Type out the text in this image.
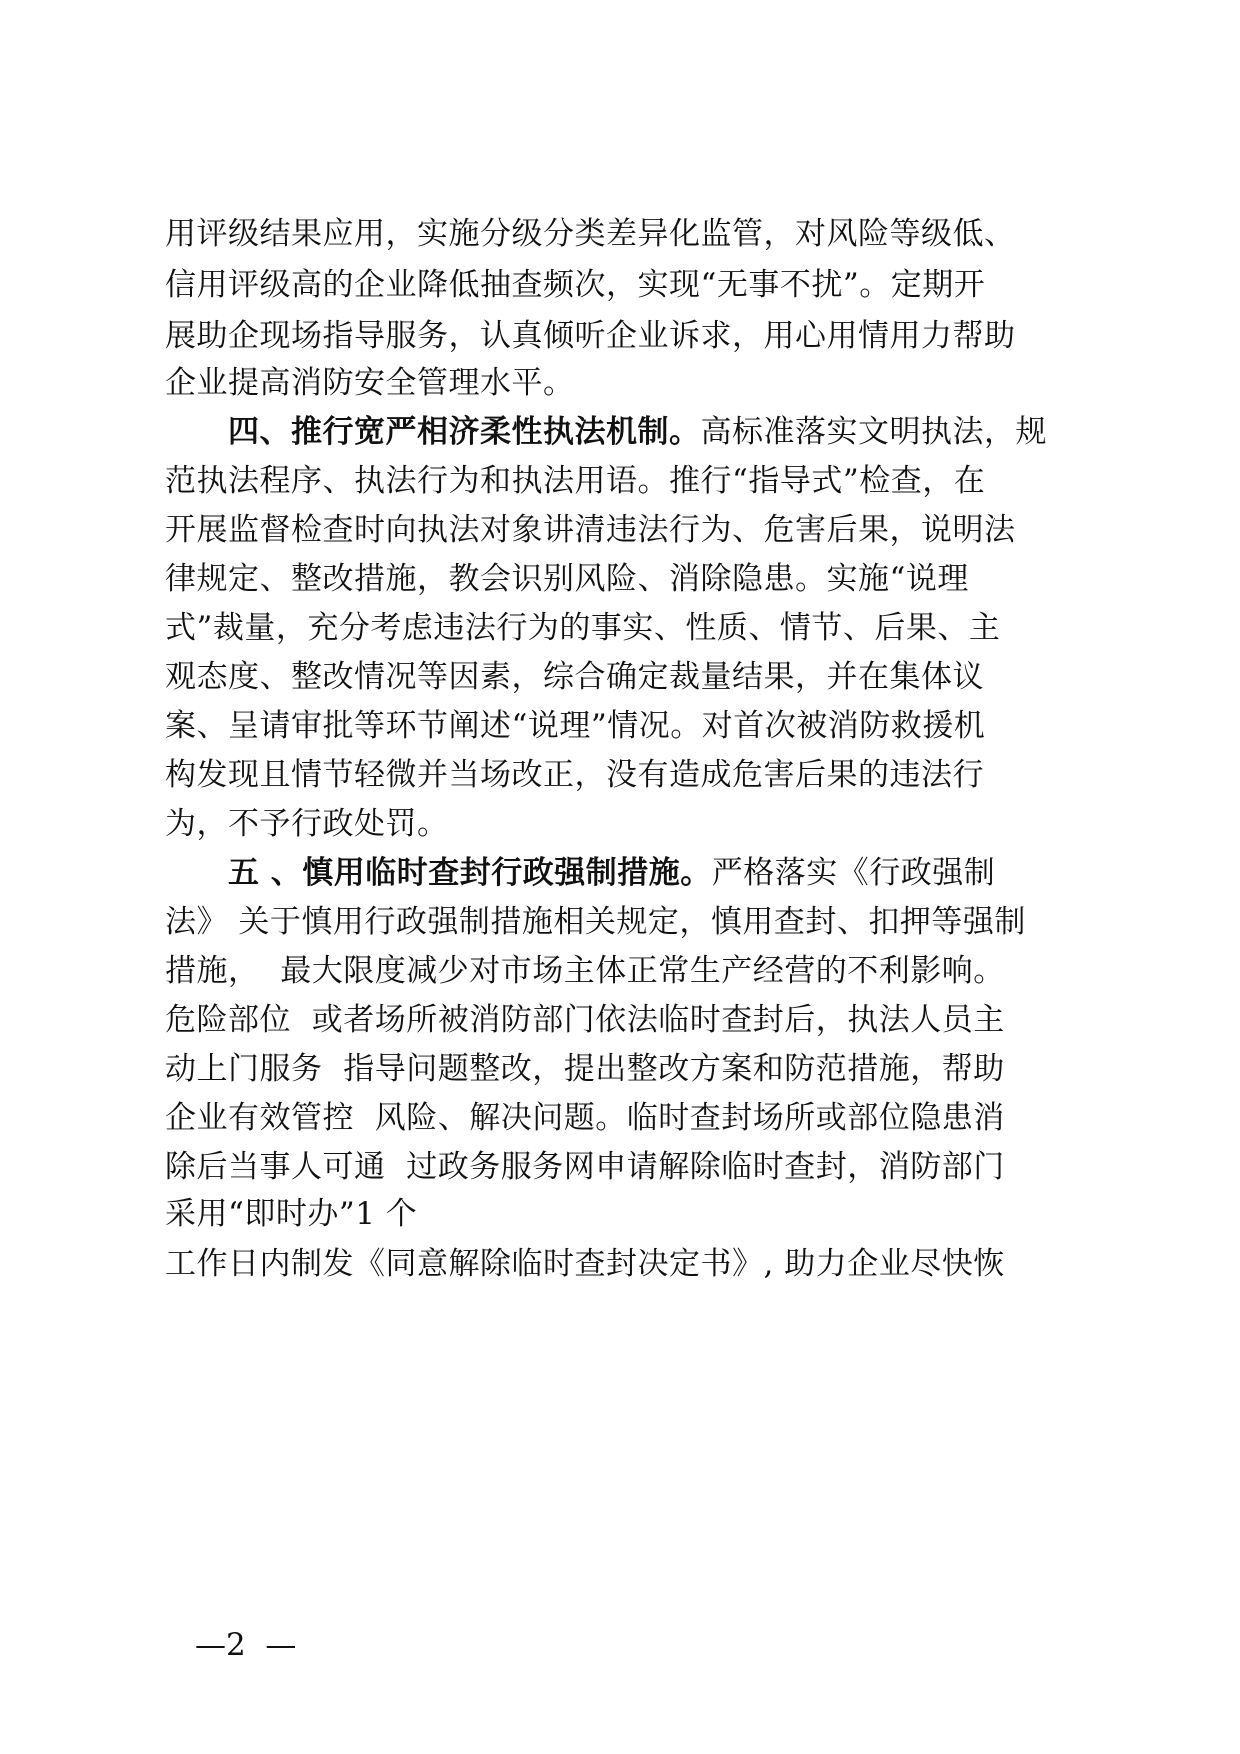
用评级结果应用，实施分级分类差异化监管，对风险等级低、
信用评级高的企业降低抽查频次，实现“无事不扰”。定期开
展助企现场指导服务，认真倾听企业诉求，用心用情用力帮助
企业提高消防安全管理水平。
四、推行宽严相济柔性执法机制。高标准落实文明执法，规
范执法程序、执法行为和执法用语。推行“指导式”检查，在
开展监督检查时向执法对象讲清违法行为、危害后果，说明法
律规定、整改措施，教会识别风险、消除隐患。实施“说理
式”裁量，充分考虑违法行为的事实、性质、情节、后果、主
观态度、整改情况等因素，综合确定裁量结果，并在集体议
案、呈请审批等环节阐述“说理”情况。对首次被消防救援机
构发现且情节轻微并当场改正，没有造成危害后果的违法行
为，不予行政处罚。
五 、慎用临时查封行政强制措施。严格落实《行政强制
法》 关于慎用行政强制措施相关规定，慎用查封、扣押等强制
措施，  最大限度减少对市场主体正常生产经营的不利影响。
危险部位  或者场所被消防部门依法临时查封后，执法人员主
动上门服务  指导问题整改，提出整改方案和防范措施，帮助
企业有效管控  风险、解决问题。临时查封场所或部位隐患消
除后当事人可通  过政务服务网申请解除临时查封，消防部门
采用“即时办”1 个
工作日内制发《同意解除临时查封决定书》, 助力企业尽快恢
—2  —
